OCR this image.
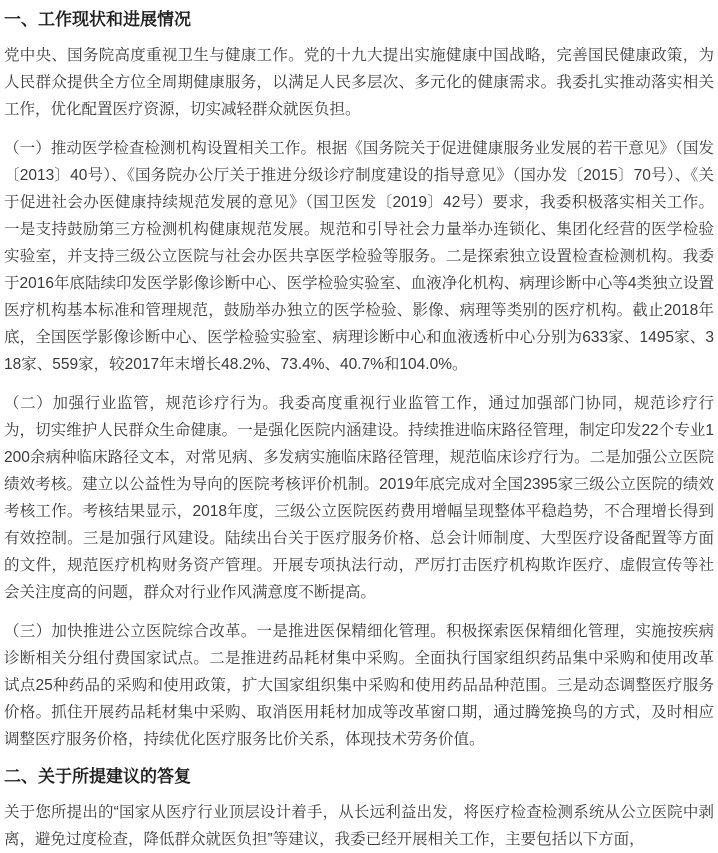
一、工作现状和进展情况

党中央、国务院高度重视卫生与健康工作。党的十九大提出实施健康中国战略，完善国民健康政策，为人民群众提供全方位全周期健康服务，以满足人民多层次、多元化的健康需求。我委扎实推动落实相关工作，优化配置医疗资源，切实减轻群众就医负担。

（一）推动医学检查检测机构设置相关工作。根据《国务院关于促进健康服务业发展的若干意见》（国发〔2013〕40号）、《国务院办公厅关于推进分级诊疗制度建设的指导意见》（国办发〔2015〕70号）、《关于促进社会办医健康持续规范发展的意见》（国卫医发〔2019〕42号）要求，我委积极落实相关工作。一是支持鼓励第三方检测机构健康规范发展。规范和引导社会力量举办连锁化、集团化经营的医学检验实验室，并支持三级公立医院与社会办医共享医学检验等服务。二是探索独立设置检查检测机构。我委于2016年底陆续印发医学影像诊断中心、医学检验实验室、血液净化机构、病理诊断中心等4类独立设置医疗机构基本标准和管理规范，鼓励举办独立的医学检验、影像、病理等类别的医疗机构。截止2018年底，全国医学影像诊断中心、医学检验实验室、病理诊断中心和血液透析中心分别为633家、1495家、318家、559家，较2017年末增长48.2%、73.4%、40.7%和104.0%。

（二）加强行业监管，规范诊疗行为。我委高度重视行业监管工作，通过加强部门协同，规范诊疗行为，切实维护人民群众生命健康。一是强化医院内涵建设。持续推进临床路径管理，制定印发22个专业1200余病种临床路径文本，对常见病、多发病实施临床路径管理，规范临床诊疗行为。二是加强公立医院绩效考核。建立以公益性为导向的医院考核评价机制。2019年底完成对全国2395家三级公立医院的绩效考核工作。考核结果显示，2018年度，三级公立医院医药费用增幅呈现整体平稳趋势，不合理增长得到有效控制。三是加强行风建设。陆续出台关于医疗服务价格、总会计师制度、大型医疗设备配置等方面的文件，规范医疗机构财务资产管理。开展专项执法行动，严厉打击医疗机构欺诈医疗、虚假宣传等社会关注度高的问题，群众对行业作风满意度不断提高。

（三）加快推进公立医院综合改革。一是推进医保精细化管理。积极探索医保精细化管理，实施按疾病诊断相关分组付费国家试点。二是推进药品耗材集中采购。全面执行国家组织药品集中采购和使用改革试点25种药品的采购和使用政策，扩大国家组织集中采购和使用药品品种范围。三是动态调整医疗服务价格。抓住开展药品耗材集中采购、取消医用耗材加成等改革窗口期，通过腾笼换鸟的方式，及时相应调整医疗服务价格，持续优化医疗服务比价关系，体现技术劳务价值。

二、关于所提建议的答复

关于您所提出的“国家从医疗行业顶层设计着手，从长远利益出发，将医疗检查检测系统从公立医院中剥离，避免过度检查，降低群众就医负担”等建议，我委已经开展相关工作，主要包括以下方面，
